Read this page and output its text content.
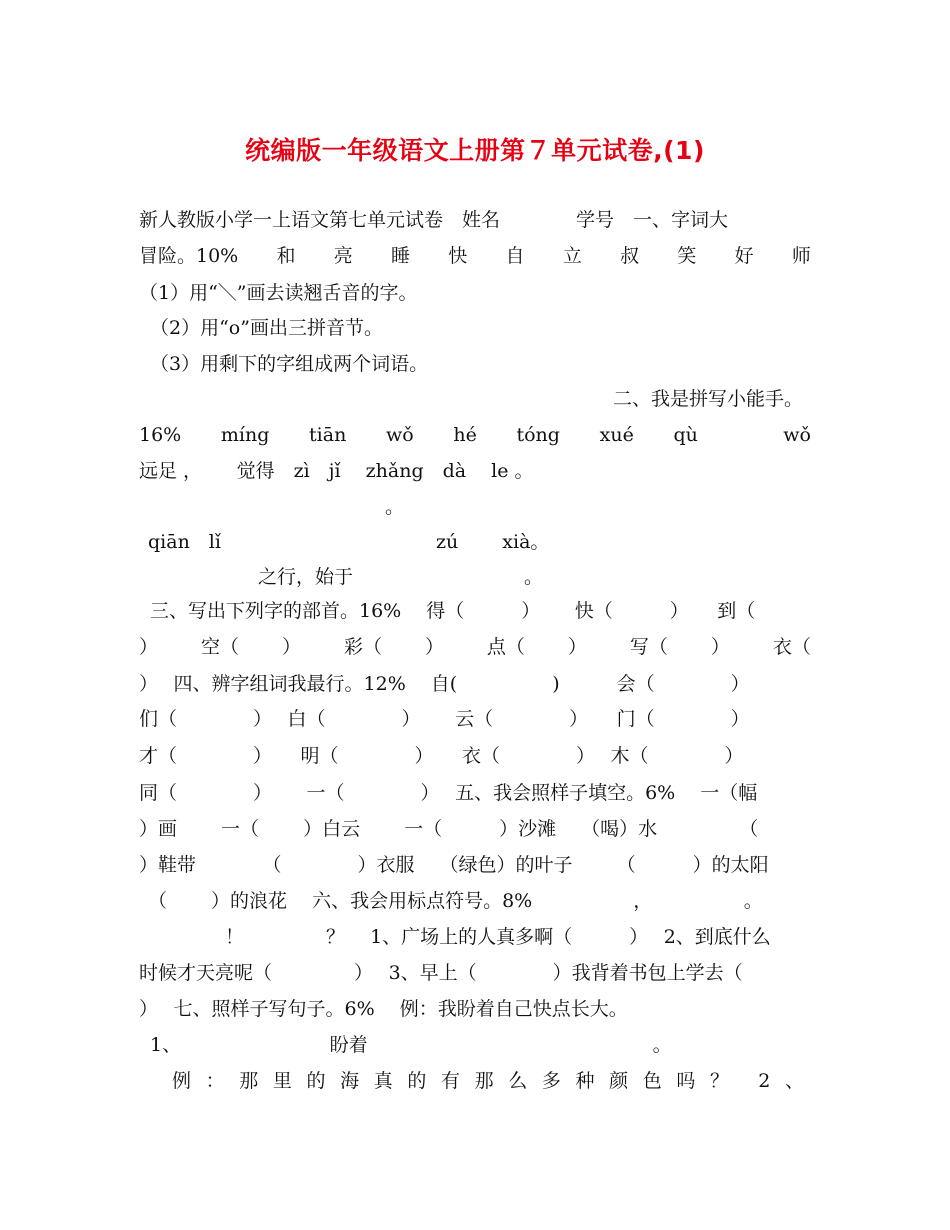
统编版一年级语文上册第７单元试卷,(1)
新人教版小学一上语文第七单元试卷　姓名　　　　学号　一、字词大
冒险。10% 和 亮 睡 快 自 立 叔 笑 好 师
（1）用“＼”画去读翘舌音的字。
（2）用“o”画出三拼音节。
（3）用剩下的字组成两个词语。
二、我是拼写小能手。
16% míng tiān wǒ hé tóng xué qù
	wǒ
远足 ，　　 觉得　zì　jǐ　 zhǎng　dà　 le 。
。
qiān　lǐ　　　　　　　　　　　 zú　　 xià。
之行，始于　　　　　　　　　。
三、写出下列字的部首。16%　 得（　　　）　　 快（　　　）　　到（
） 空（ ） 彩（ ） 点（ ） 写（ ） 衣（
）　 四、辨字组词我最行。12%　 自(　　　　　)　　　会（　　　　）
们（　　　　）　 白（　　　　）　　 云（　　　　）　　门（　　　　）
才（　　　　）　　明（　　　　）　　衣（　　　　）　 木（　　　　）
同（　　　　）　　 一（　　　　）　 五、我会照样子填空。6%　 一（幅
）画　　 一（　　 ）白云　　 一（　　　）沙滩　 （喝）水　　　　 （
）鞋带　　　　（　　　　）衣服　 （绿色）的叶子　　 （　　　）的太阳
（　　 ）的浪花　 六、我会用标点符号。8%　　　　　 ，　　　　　 。
！　　　　 ？　 1、广场上的人真多啊（　　　）　 2、到底什么
时候才天亮呢（　　　　 ）　 3、早上（　　　　）我背着书包上学去（
）　 七、照样子写句子。6%　 例：我盼着自己快点长大。
1、　　　　　　　　 盼着　　　　　　　　　　　　　　　。
例 ： 那 里 的 海 真 的 有 那 么 多 种 颜 色 吗 ？ 2 、
